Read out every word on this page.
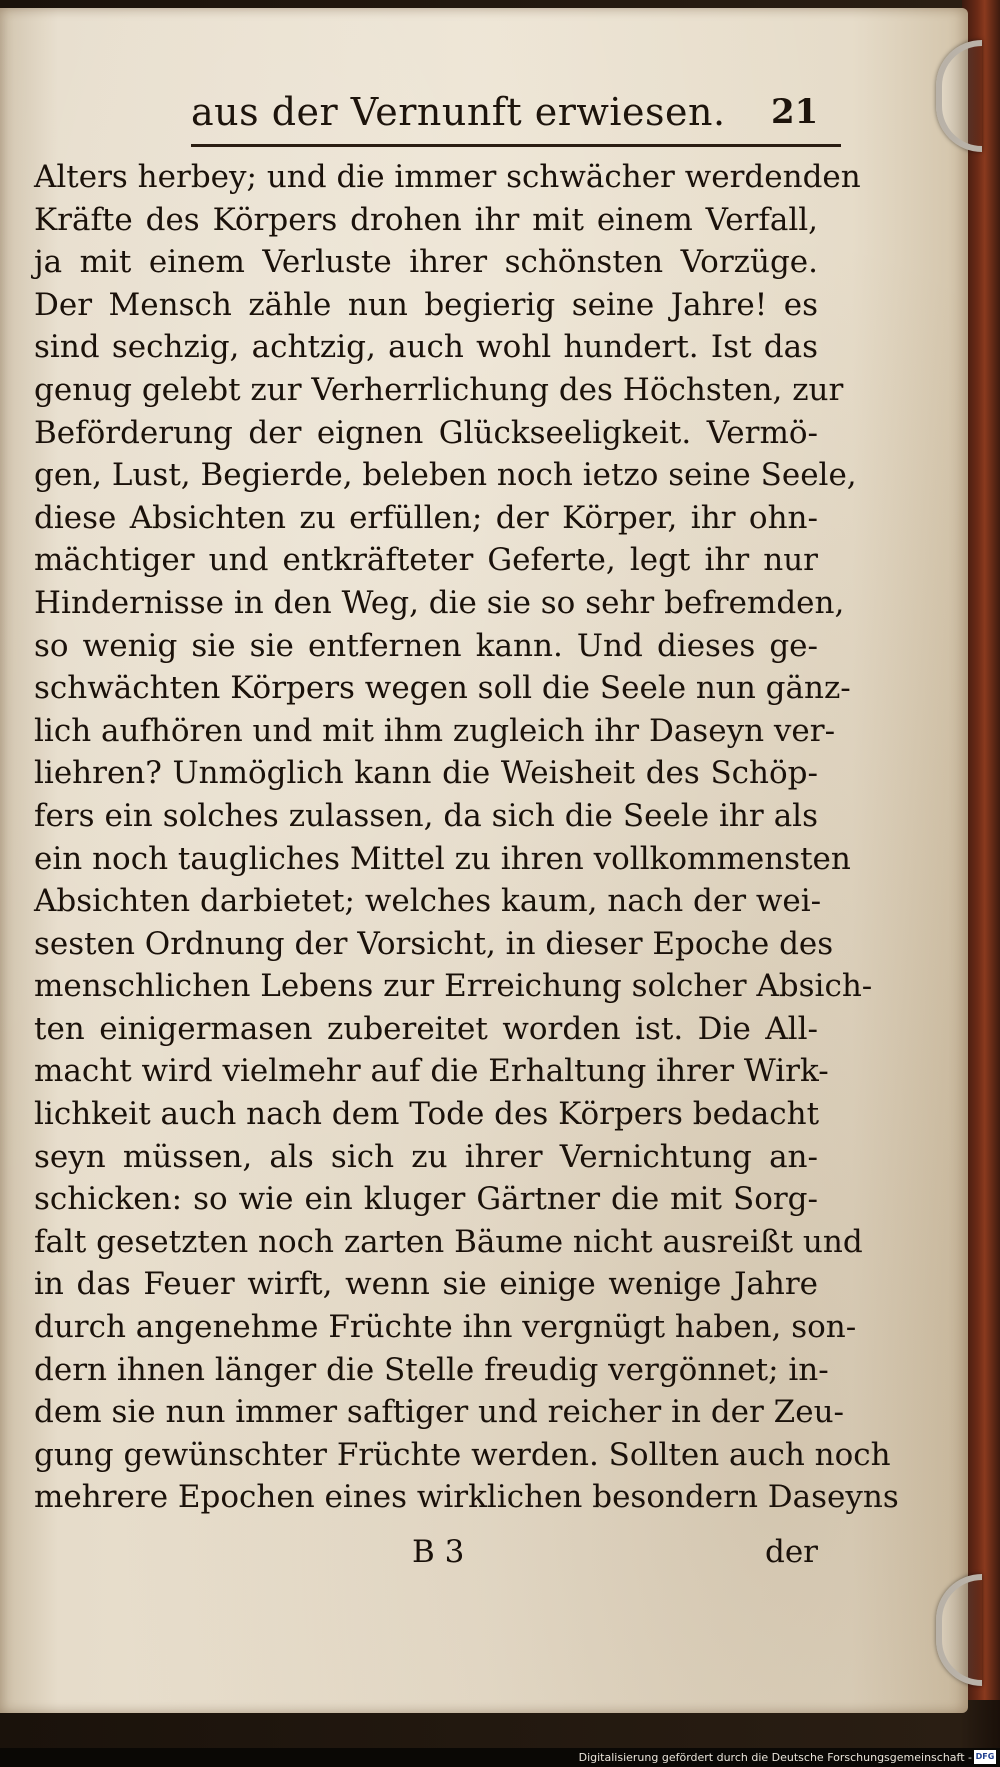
aus der Vernunft erwiesen. 21
Alters herbey; und die immer schwächer werdenden
Kräfte des Körpers drohen ihr mit einem Verfall,
ja mit einem Verluste ihrer schönsten Vorzüge.
Der Mensch zähle nun begierig seine Jahre! es
sind sechzig, achtzig, auch wohl hundert. Ist das
genug gelebt zur Verherrlichung des Höchsten, zur
Beförderung der eignen Glückseeligkeit. Vermö-
gen, Lust, Begierde, beleben noch ietzo seine Seele,
diese Absichten zu erfüllen; der Körper, ihr ohn-
mächtiger und entkräfteter Geferte, legt ihr nur
Hindernisse in den Weg, die sie so sehr befremden,
so wenig sie sie entfernen kann. Und dieses ge-
schwächten Körpers wegen soll die Seele nun gänz-
lich aufhören und mit ihm zugleich ihr Daseyn ver-
liehren? Unmöglich kann die Weisheit des Schöp-
fers ein solches zulassen, da sich die Seele ihr als
ein noch taugliches Mittel zu ihren vollkommensten
Absichten darbietet; welches kaum, nach der wei-
sesten Ordnung der Vorsicht, in dieser Epoche des
menschlichen Lebens zur Erreichung solcher Absich-
ten einigermasen zubereitet worden ist. Die All-
macht wird vielmehr auf die Erhaltung ihrer Wirk-
lichkeit auch nach dem Tode des Körpers bedacht
seyn müssen, als sich zu ihrer Vernichtung an-
schicken: so wie ein kluger Gärtner die mit Sorg-
falt gesetzten noch zarten Bäume nicht ausreißt und
in das Feuer wirft, wenn sie einige wenige Jahre
durch angenehme Früchte ihn vergnügt haben, son-
dern ihnen länger die Stelle freudig vergönnet; in-
dem sie nun immer saftiger und reicher in der Zeu-
gung gewünschter Früchte werden. Sollten auch noch
mehrere Epochen eines wirklichen besondern Daseyns
B 3	der
Digitalisierung gefördert durch die Deutsche Forschungsgemeinschaft - DFG
